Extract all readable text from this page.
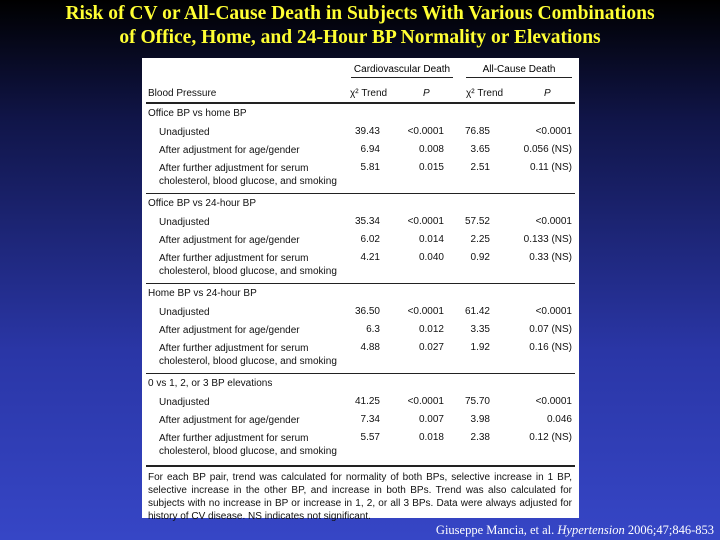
Risk of CV or All-Cause Death in Subjects With Various Combinations
of Office, Home, and 24-Hour BP Normality or Elevations
Cardiovascular Death	All-Cause Death
Blood Pressure	χ² Trend	P	χ² Trend	P
Office BP vs home BP
Unadjusted	39.43	<0.0001	76.85	<0.0001
After adjustment for age/gender	6.94	0.008	3.65	0.056 (NS)
After further adjustment for serum
cholesterol, blood glucose, and smoking
5.81	0.015	2.51	0.11 (NS)
Office BP vs 24-hour BP
Unadjusted	35.34	<0.0001	57.52	<0.0001
After adjustment for age/gender	6.02	0.014	2.25	0.133 (NS)
After further adjustment for serum
cholesterol, blood glucose, and smoking
4.21	0.040	0.92	0.33 (NS)
Home BP vs 24-hour BP
Unadjusted	36.50	<0.0001	61.42	<0.0001
After adjustment for age/gender	6.3	0.012	3.35	0.07 (NS)
After further adjustment for serum
cholesterol, blood glucose, and smoking
4.88	0.027	1.92	0.16 (NS)
0 vs 1, 2, or 3 BP elevations
Unadjusted	41.25	<0.0001	75.70	<0.0001
After adjustment for age/gender	7.34	0.007	3.98	0.046
After further adjustment for serum
cholesterol, blood glucose, and smoking
5.57	0.018	2.38	0.12 (NS)
For each BP pair, trend was calculated for normality of both BPs, selective increase in 1 BP, selective increase in the other BP, and increase in both BPs. Trend was also calculated for subjects with no increase in BP or increase in 1, 2, or all 3 BPs. Data were always adjusted for history of CV disease. NS indicates not significant.
Giuseppe Mancia, et al. Hypertension 2006;47;846-853
